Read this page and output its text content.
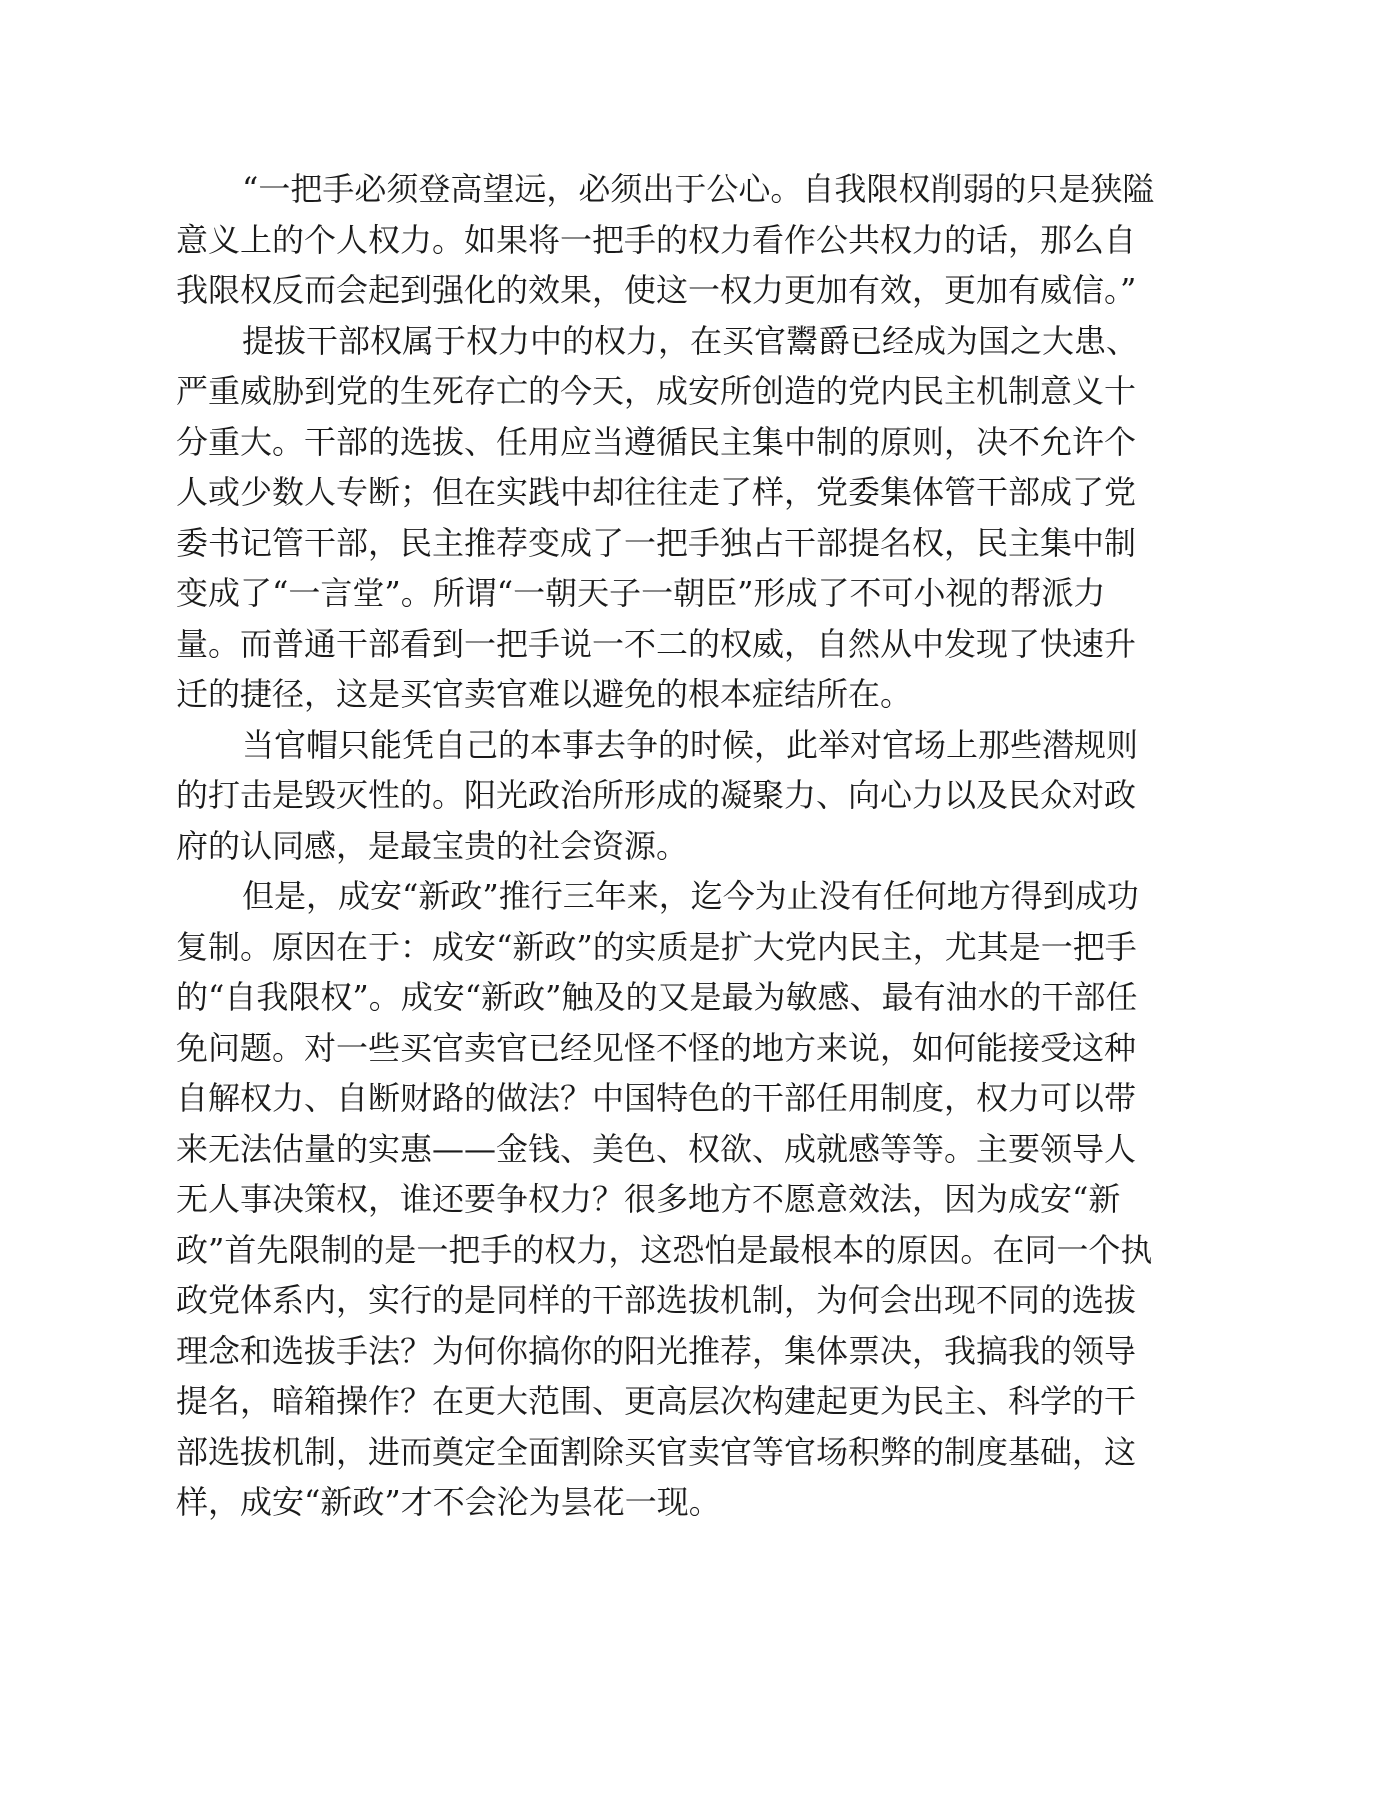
“一把手必须登高望远，必须出于公心。自我限权削弱的只是狭隘
意义上的个人权力。如果将一把手的权力看作公共权力的话，那么自
我限权反而会起到强化的效果，使这一权力更加有效，更加有威信。”
提拔干部权属于权力中的权力，在买官鬻爵已经成为国之大患、
严重威胁到党的生死存亡的今天，成安所创造的党内民主机制意义十
分重大。干部的选拔、任用应当遵循民主集中制的原则，决不允许个
人或少数人专断；但在实践中却往往走了样，党委集体管干部成了党
委书记管干部，民主推荐变成了一把手独占干部提名权，民主集中制
变成了“一言堂”。所谓“一朝天子一朝臣”形成了不可小视的帮派力
量。而普通干部看到一把手说一不二的权威，自然从中发现了快速升
迁的捷径，这是买官卖官难以避免的根本症结所在。
当官帽只能凭自己的本事去争的时候，此举对官场上那些潜规则
的打击是毁灭性的。阳光政治所形成的凝聚力、向心力以及民众对政
府的认同感，是最宝贵的社会资源。
但是，成安“新政”推行三年来，迄今为止没有任何地方得到成功
复制。原因在于：成安“新政”的实质是扩大党内民主，尤其是一把手
的“自我限权”。成安“新政”触及的又是最为敏感、最有油水的干部任
免问题。对一些买官卖官已经见怪不怪的地方来说，如何能接受这种
自解权力、自断财路的做法？中国特色的干部任用制度，权力可以带
来无法估量的实惠——金钱、美色、权欲、成就感等等。主要领导人
无人事决策权，谁还要争权力？很多地方不愿意效法，因为成安“新
政”首先限制的是一把手的权力，这恐怕是最根本的原因。在同一个执
政党体系内，实行的是同样的干部选拔机制，为何会出现不同的选拔
理念和选拔手法？为何你搞你的阳光推荐，集体票决，我搞我的领导
提名，暗箱操作？在更大范围、更高层次构建起更为民主、科学的干
部选拔机制，进而奠定全面割除买官卖官等官场积弊的制度基础，这
样，成安“新政”才不会沦为昙花一现。
